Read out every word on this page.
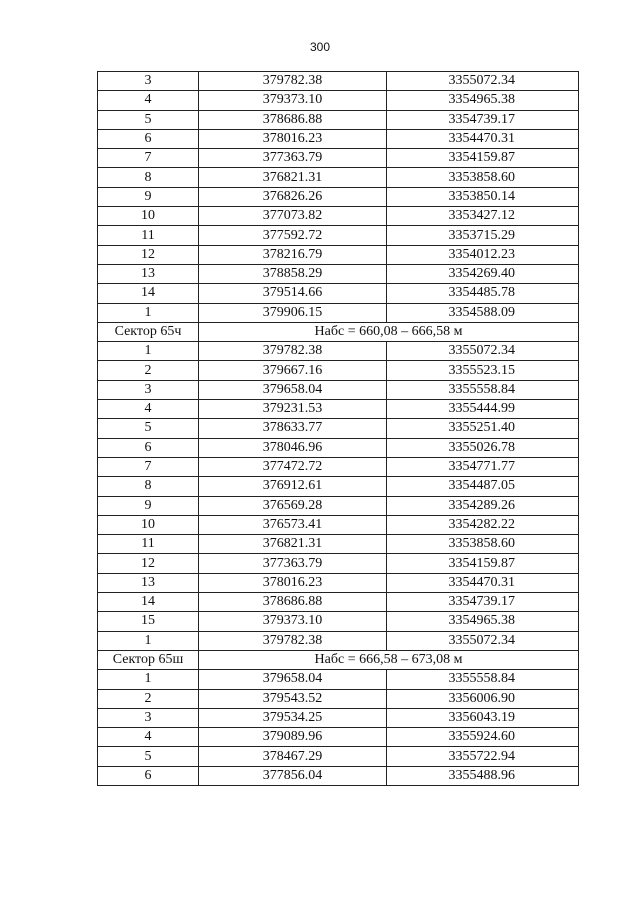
300
3	379782.38	3355072.34
4	379373.10	3354965.38
5	378686.88	3354739.17
6	378016.23	3354470.31
7	377363.79	3354159.87
8	376821.31	3353858.60
9	376826.26	3353850.14
10	377073.82	3353427.12
11	377592.72	3353715.29
12	378216.79	3354012.23
13	378858.29	3354269.40
14	379514.66	3354485.78
1	379906.15	3354588.09
Сектор 65ч	Набс = 660,08 – 666,58 м	
1	379782.38	3355072.34
2	379667.16	3355523.15
3	379658.04	3355558.84
4	379231.53	3355444.99
5	378633.77	3355251.40
6	378046.96	3355026.78
7	377472.72	3354771.77
8	376912.61	3354487.05
9	376569.28	3354289.26
10	376573.41	3354282.22
11	376821.31	3353858.60
12	377363.79	3354159.87
13	378016.23	3354470.31
14	378686.88	3354739.17
15	379373.10	3354965.38
1	379782.38	3355072.34
Сектор 65ш	Набс = 666,58 – 673,08 м	
1	379658.04	3355558.84
2	379543.52	3356006.90
3	379534.25	3356043.19
4	379089.96	3355924.60
5	378467.29	3355722.94
6	377856.04	3355488.96
